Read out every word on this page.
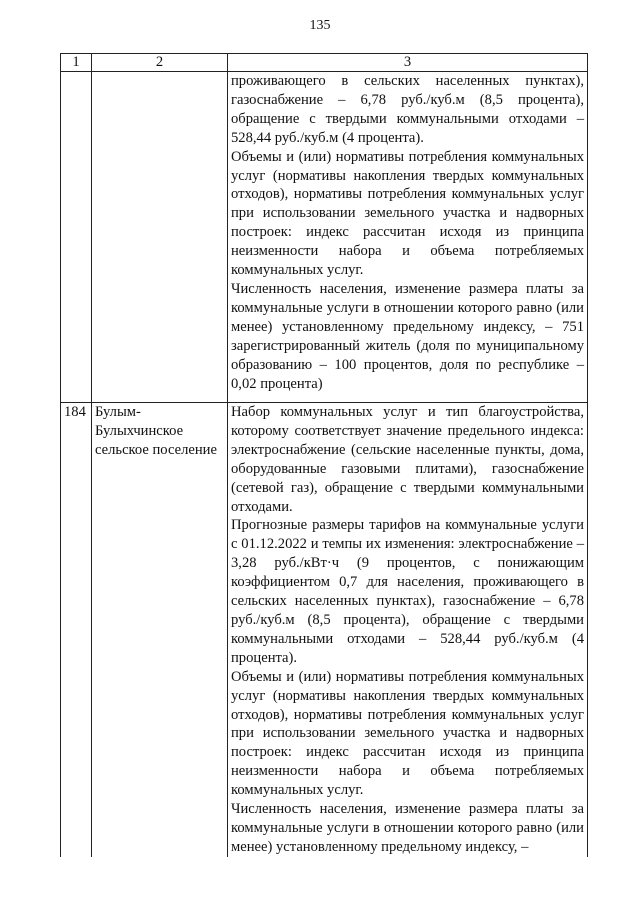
135
1	2	3

		проживающего в сельских населенных пунктах), газоснабжение – 6,78 руб./куб.м (8,5 процента), обращение с твердыми коммунальными отходами – 528,44 руб./куб.м (4 процента).

Объемы и (или) нормативы потребления коммунальных услуг (нормативы накопления твердых коммунальных отходов), нормативы потребления коммунальных услуг при использовании земельного участка и надворных построек: индекс рассчитан исходя из принципа неизменности набора и объема потребляемых коммунальных услуг.

Численность населения, изменение размера платы за коммунальные услуги в отношении которого равно (или менее) установленному предельному индексу, – 751 зарегистрированный житель (доля по муниципальному образованию – 100 процентов, доля по республике – 0,02 процента)

184	Булым-Булыхчинское сельское поселение	Набор коммунальных услуг и тип благоустройства, которому соответствует значение предельного индекса: электроснабжение (сельские населенные пункты, дома, оборудованные газовыми плитами), газоснабжение (сетевой газ), обращение с твердыми коммунальными отходами.

Прогнозные размеры тарифов на коммунальные услуги с 01.12.2022 и темпы их изменения: электроснабжение – 3,28 руб./кВт·ч (9 процентов, с понижающим коэффициентом 0,7 для населения, проживающего в сельских населенных пунктах), газоснабжение – 6,78 руб./куб.м (8,5 процента), обращение с твердыми коммунальными отходами – 528,44 руб./куб.м (4 процента).

Объемы и (или) нормативы потребления коммунальных услуг (нормативы накопления твердых коммунальных отходов), нормативы потребления коммунальных услуг при использовании земельного участка и надворных построек: индекс рассчитан исходя из принципа неизменности набора и объема потребляемых коммунальных услуг.

Численность населения, изменение размера платы за коммунальные услуги в отношении которого равно (или менее) установленному предельному индексу, –
